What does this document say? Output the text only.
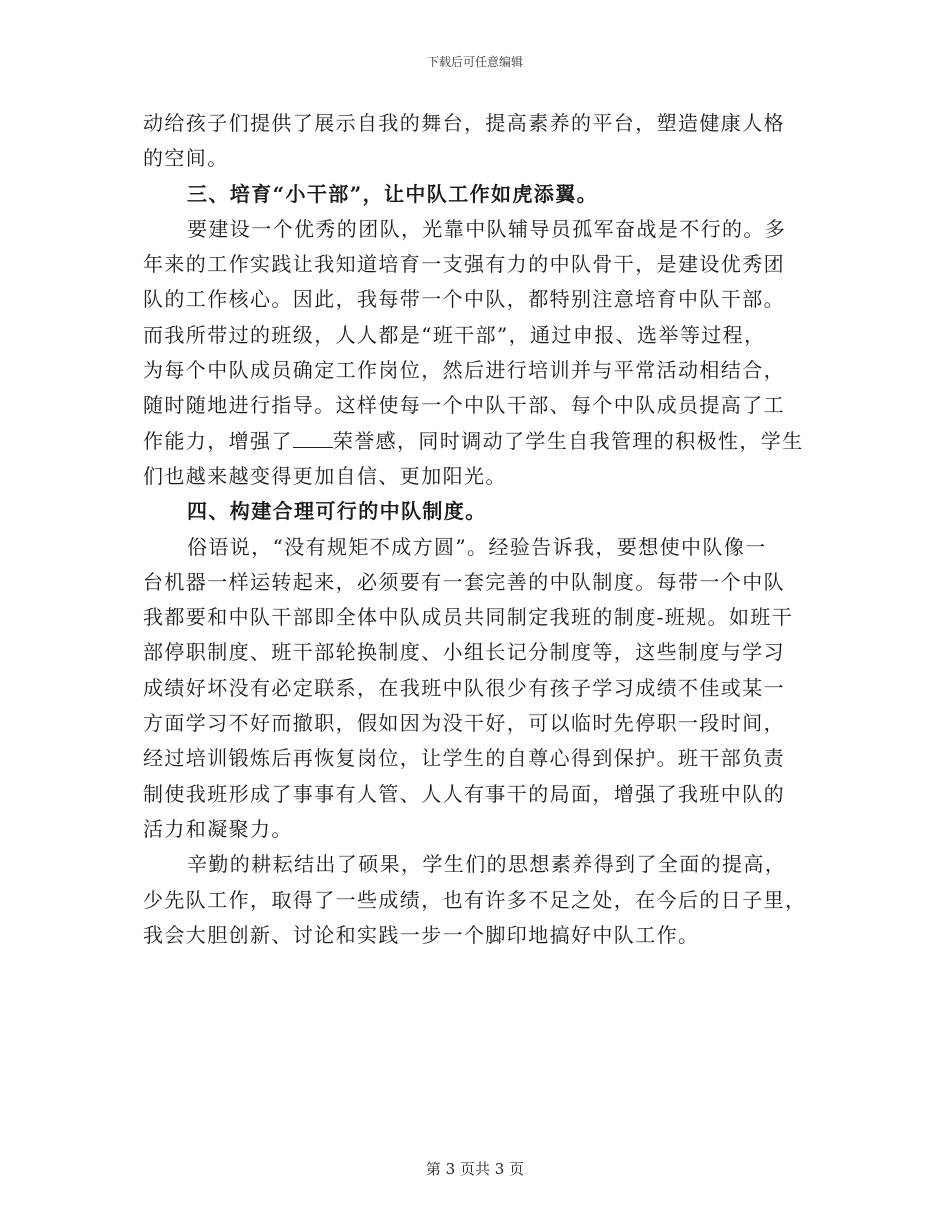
下载后可任意编辑
动给孩子们提供了展示自我的舞台，提高素养的平台，塑造健康人格
的空间。
三、培育“小干部”，让中队工作如虎添翼。
要建设一个优秀的团队，光靠中队辅导员孤军奋战是不行的。多
年来的工作实践让我知道培育一支强有力的中队骨干，是建设优秀团
队的工作核心。因此，我每带一个中队，都特别注意培育中队干部。
而我所带过的班级，人人都是“班干部”，通过申报、选举等过程，
为每个中队成员确定工作岗位，然后进行培训并与平常活动相结合，
随时随地进行指导。这样使每一个中队干部、每个中队成员提高了工
作能力，增强了 荣誉感，同时调动了学生自我管理的积极性，学生
们也越来越变得更加自信、更加阳光。
四、构建合理可行的中队制度。
俗语说，“没有规矩不成方圆”。经验告诉我，要想使中队像一
台机器一样运转起来，必须要有一套完善的中队制度。每带一个中队
我都要和中队干部即全体中队成员共同制定我班的制度-班规。如班干
部停职制度、班干部轮换制度、小组长记分制度等，这些制度与学习
成绩好坏没有必定联系，在我班中队很少有孩子学习成绩不佳或某一
方面学习不好而撤职，假如因为没干好，可以临时先停职一段时间，
经过培训锻炼后再恢复岗位，让学生的自尊心得到保护。班干部负责
制使我班形成了事事有人管、人人有事干的局面，增强了我班中队的
活力和凝聚力。
辛勤的耕耘结出了硕果，学生们的思想素养得到了全面的提高，
少先队工作，取得了一些成绩，也有许多不足之处，在今后的日子里，
我会大胆创新、讨论和实践一步一个脚印地搞好中队工作。
第 3 页共 3 页
